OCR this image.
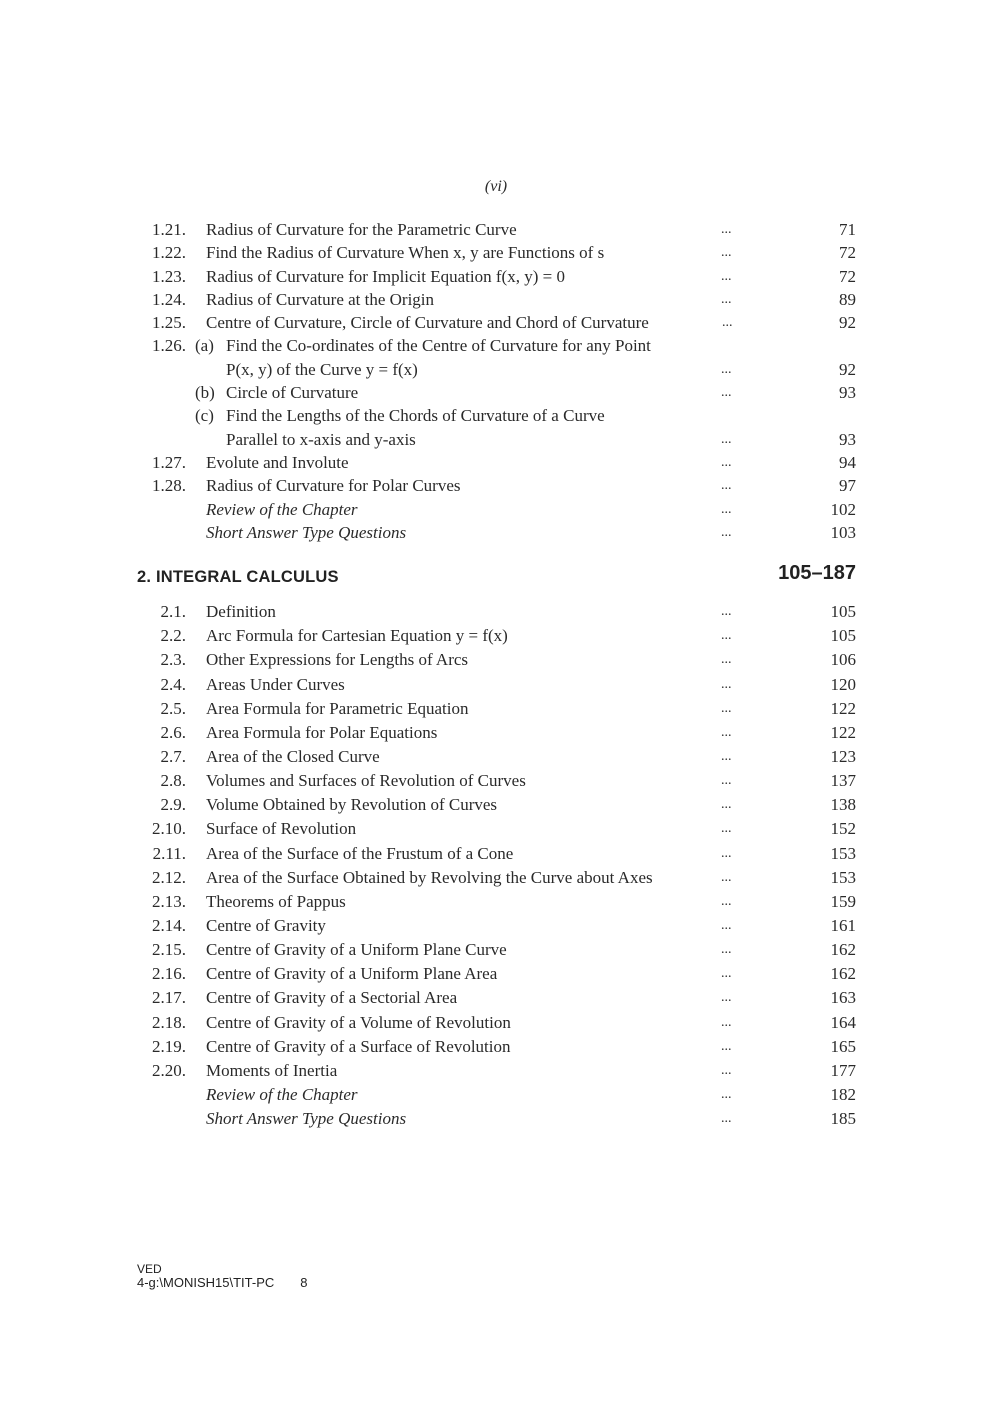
(vi)
1.21. Radius of Curvature for the Parametric Curve	...	71
1.22. Find the Radius of Curvature When x, y are Functions of s	...	72
1.23. Radius of Curvature for Implicit Equation f(x, y) = 0	...	72
1.24. Radius of Curvature at the Origin	...	89
1.25. Centre of Curvature, Circle of Curvature and Chord of Curvature	...	92
1.26. (a) Find the Co-ordinates of the Centre of Curvature for any Point
P(x, y) of the Curve y = f(x)	...	92
(b) Circle of Curvature	...	93
(c) Find the Lengths of the Chords of Curvature of a Curve
Parallel to x-axis and y-axis	...	93
1.27. Evolute and Involute	...	94
1.28. Radius of Curvature for Polar Curves	...	97
Review of the Chapter	...	102
Short Answer Type Questions	...	103
2. INTEGRAL CALCULUS	105–187
2.1. Definition	...	105
2.2. Arc Formula for Cartesian Equation y = f(x)	...	105
2.3. Other Expressions for Lengths of Arcs	...	106
2.4. Areas Under Curves	...	120
2.5. Area Formula for Parametric Equation	...	122
2.6. Area Formula for Polar Equations	...	122
2.7. Area of the Closed Curve	...	123
2.8. Volumes and Surfaces of Revolution of Curves	...	137
2.9. Volume Obtained by Revolution of Curves	...	138
2.10. Surface of Revolution	...	152
2.11. Area of the Surface of the Frustum of a Cone	...	153
2.12. Area of the Surface Obtained by Revolving the Curve about Axes	...	153
2.13. Theorems of Pappus	...	159
2.14. Centre of Gravity	...	161
2.15. Centre of Gravity of a Uniform Plane Curve	...	162
2.16. Centre of Gravity of a Uniform Plane Area	...	162
2.17. Centre of Gravity of a Sectorial Area	...	163
2.18. Centre of Gravity of a Volume of Revolution	...	164
2.19. Centre of Gravity of a Surface of Revolution	...	165
2.20. Moments of Inertia	...	177
Review of the Chapter	...	182
Short Answer Type Questions	...	185
VED
4-g:\MONISH15\TIT-PC 8
